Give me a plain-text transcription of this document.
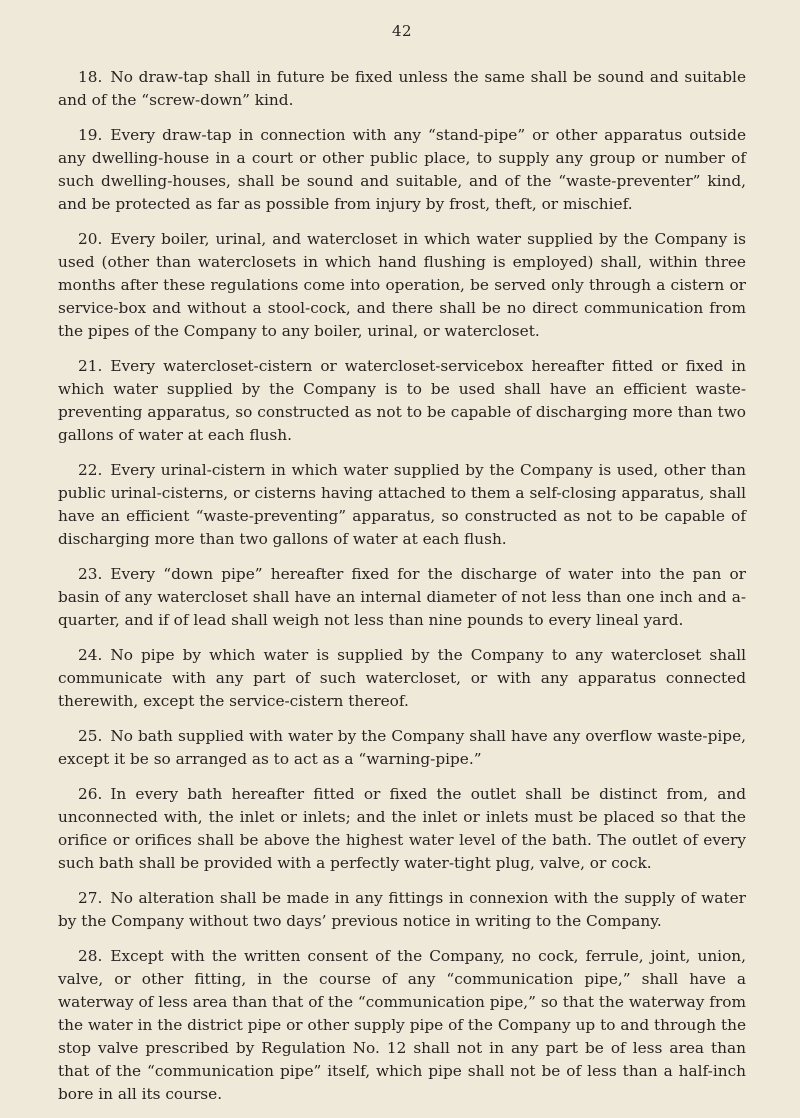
42

18. No draw-tap shall in future be fixed unless the same shall be sound and suitable and of the “screw-down” kind.

19. Every draw-tap in connection with any “stand-pipe” or other apparatus outside any dwelling-house in a court or other public place, to supply any group or number of such dwelling-houses, shall be sound and suitable, and of the “waste-preventer” kind, and be protected as far as possible from injury by frost, theft, or mischief.

20. Every boiler, urinal, and watercloset in which water supplied by the Company is used (other than waterclosets in which hand flushing is employed) shall, within three months after these regulations come into operation, be served only through a cistern or service-box and without a stool-cock, and there shall be no direct communication from the pipes of the Company to any boiler, urinal, or watercloset.

21. Every watercloset-cistern or watercloset-servicebox hereafter fitted or fixed in which water supplied by the Company is to be used shall have an efficient waste-preventing apparatus, so constructed as not to be capable of discharging more than two gallons of water at each flush.

22. Every urinal-cistern in which water supplied by the Company is used, other than public urinal-cisterns, or cisterns having attached to them a self-closing apparatus, shall have an efficient “waste-preventing” apparatus, so constructed as not to be capable of discharging more than two gallons of water at each flush.

23. Every “down pipe” hereafter fixed for the discharge of water into the pan or basin of any watercloset shall have an internal diameter of not less than one inch and a-quarter, and if of lead shall weigh not less than nine pounds to every lineal yard.

24. No pipe by which water is supplied by the Company to any watercloset shall communicate with any part of such watercloset, or with any apparatus connected therewith, except the service-cistern thereof.

25. No bath supplied with water by the Company shall have any overflow waste-pipe, except it be so arranged as to act as a “warning-pipe.”

26. In every bath hereafter fitted or fixed the outlet shall be distinct from, and unconnected with, the inlet or inlets; and the inlet or inlets must be placed so that the orifice or orifices shall be above the highest water level of the bath. The outlet of every such bath shall be provided with a perfectly water-tight plug, valve, or cock.

27. No alteration shall be made in any fittings in connexion with the supply of water by the Company without two days’ previous notice in writing to the Company.

28. Except with the written consent of the Company, no cock, ferrule, joint, union, valve, or other fitting, in the course of any “communication pipe,” shall have a waterway of less area than that of the “communication pipe,” so that the waterway from the water in the district pipe or other supply pipe of the Company up to and through the stop valve prescribed by Regulation No. 12 shall not in any part be of less area than that of the “communication pipe” itself, which pipe shall not be of less than a half-inch bore in all its course.
